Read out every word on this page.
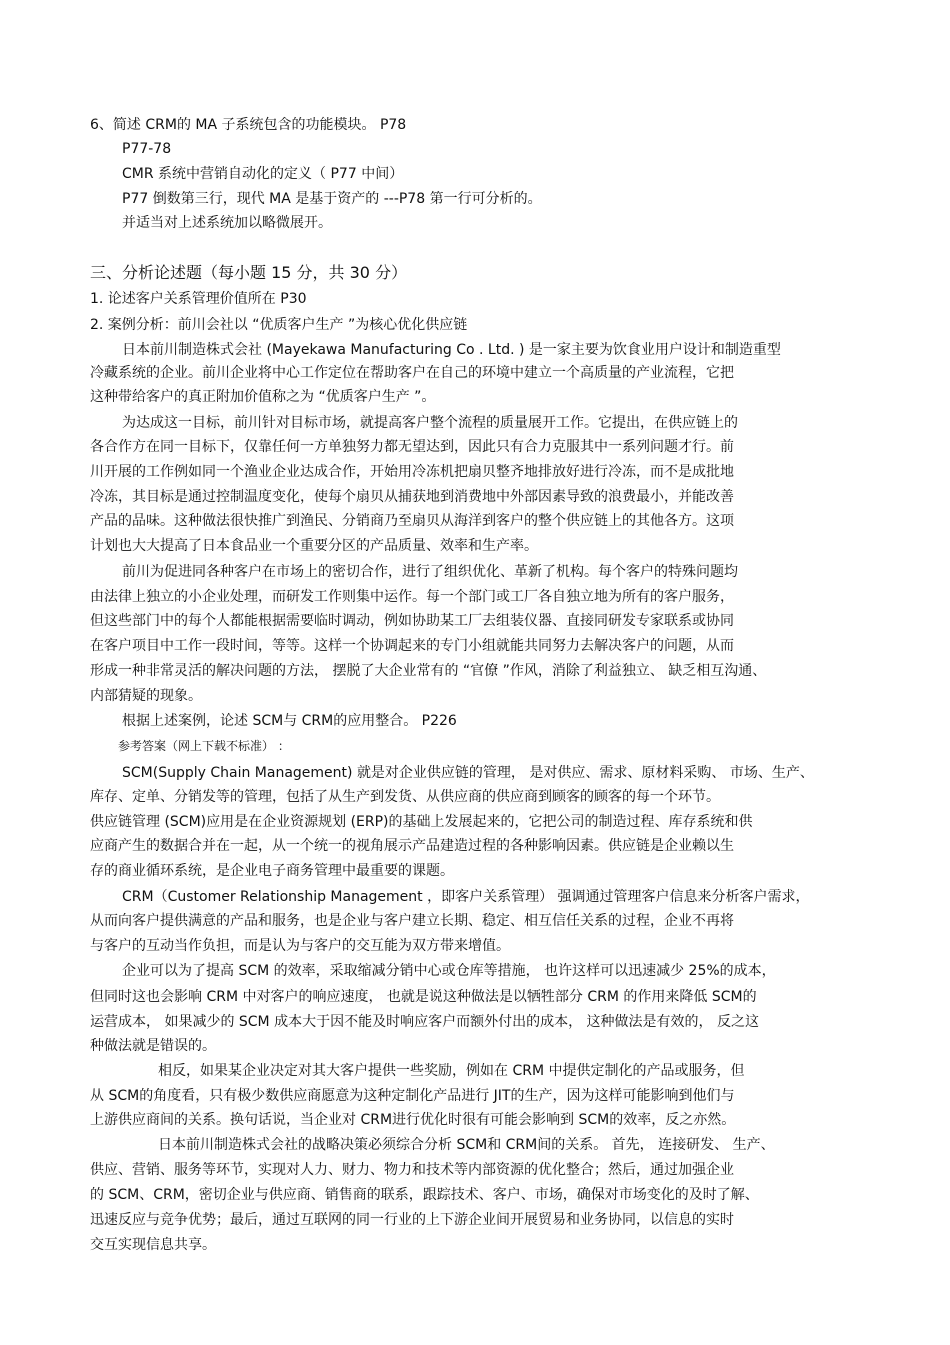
6、简述 CRM的 MA 子系统包含的功能模块。 P78
P77-78
CMR 系统中营销自动化的定义（ P77 中间）
P77 倒数第三行，现代 MA 是基于资产的 ---P78 第一行可分析的。
并适当对上述系统加以略微展开。
三、分析论述题（每小题 15 分，共 30 分）
1. 论述客户关系管理价值所在 P30
2. 案例分析：前川会社以 “优质客户生产 ”为核心优化供应链
日本前川制造株式会社 (Mayekawa Manufacturing Co . Ltd. ) 是一家主要为饮食业用户设计和制造重型
冷藏系统的企业。前川企业将中心工作定位在帮助客户在自己的环境中建立一个高质量的产业流程，它把
这种带给客户的真正附加价值称之为 “优质客户生产 ”。
为达成这一目标，前川针对目标市场，就提高客户整个流程的质量展开工作。它提出，在供应链上的
各合作方在同一目标下，仅靠任何一方单独努力都无望达到，因此只有合力克服其中一系列问题才行。前
川开展的工作例如同一个渔业企业达成合作，开始用冷冻机把扇贝整齐地排放好进行冷冻，而不是成批地
冷冻，其目标是通过控制温度变化，使每个扇贝从捕获地到消费地中外部因素导致的浪费最小，并能改善
产品的品味。这种做法很快推广到渔民、分销商乃至扇贝从海洋到客户的整个供应链上的其他各方。这项
计划也大大提高了日本食品业一个重要分区的产品质量、效率和生产率。
前川为促进同各种客户在市场上的密切合作，进行了组织优化、革新了机构。每个客户的特殊问题均
由法律上独立的小企业处理，而研发工作则集中运作。每一个部门或工厂各自独立地为所有的客户服务，
但这些部门中的每个人都能根据需要临时调动，例如协助某工厂去组装仪器、直接同研发专家联系或协同
在客户项目中工作一段时间，等等。这样一个协调起来的专门小组就能共同努力去解决客户的问题，从而
形成一种非常灵活的解决问题的方法， 摆脱了大企业常有的 “官僚 ”作风，消除了利益独立、 缺乏相互沟通、
内部猜疑的现象。
根据上述案例，论述 SCM与 CRM的应用整合。 P226
参考答案（网上下载不标准） ：
SCM(Supply Chain Management) 就是对企业供应链的管理， 是对供应、需求、原材料采购、 市场、生产、
库存、定单、分销发等的管理，包括了从生产到发货、从供应商的供应商到顾客的顾客的每一个环节。
供应链管理 (SCM)应用是在企业资源规划 (ERP)的基础上发展起来的，它把公司的制造过程、库存系统和供
应商产生的数据合并在一起，从一个统一的视角展示产品建造过程的各种影响因素。供应链是企业赖以生
存的商业循环系统，是企业电子商务管理中最重要的课题。
CRM（Customer Relationship Management ，即客户关系管理） 强调通过管理客户信息来分析客户需求，
从而向客户提供满意的产品和服务，也是企业与客户建立长期、稳定、相互信任关系的过程，企业不再将
与客户的互动当作负担，而是认为与客户的交互能为双方带来增值。
企业可以为了提高 SCM 的效率，采取缩减分销中心或仓库等措施， 也许这样可以迅速减少 25%的成本，
但同时这也会影响 CRM 中对客户的响应速度， 也就是说这种做法是以牺牲部分 CRM 的作用来降低 SCM的
运营成本， 如果减少的 SCM 成本大于因不能及时响应客户而额外付出的成本， 这种做法是有效的， 反之这
种做法就是错误的。
相反，如果某企业决定对其大客户提供一些奖励，例如在 CRM 中提供定制化的产品或服务，但
从 SCM的角度看，只有极少数供应商愿意为这种定制化产品进行 JIT的生产，因为这样可能影响到他们与
上游供应商间的关系。换句话说，当企业对 CRM进行优化时很有可能会影响到 SCM的效率，反之亦然。
日本前川制造株式会社的战略决策必须综合分析 SCM和 CRM间的关系。 首先， 连接研发、 生产、
供应、营销、服务等环节，实现对人力、财力、物力和技术等内部资源的优化整合；然后，通过加强企业
的 SCM、CRM，密切企业与供应商、销售商的联系，跟踪技术、客户、市场，确保对市场变化的及时了解、
迅速反应与竞争优势；最后，通过互联网的同一行业的上下游企业间开展贸易和业务协同，以信息的实时
交互实现信息共享。
